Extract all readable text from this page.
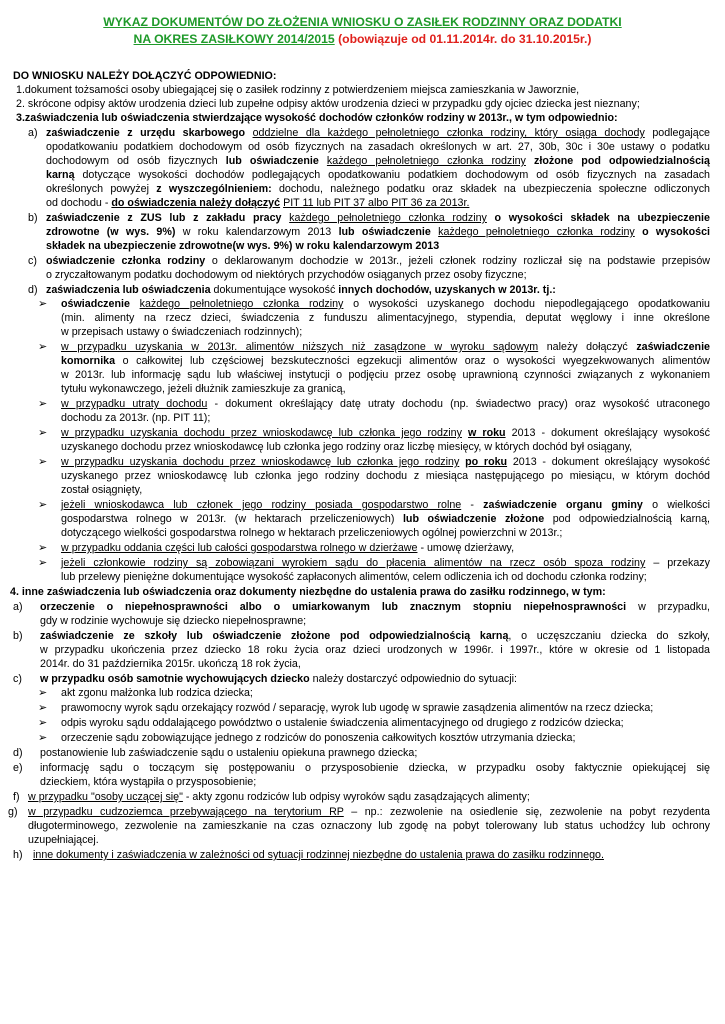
WYKAZ DOKUMENTÓW DO ZŁOŻENIA WNIOSKU O ZASIŁEK RODZINNY ORAZ DODATKI
NA OKRES ZASIŁKOWY 2014/2015 (obowiązuje od 01.11.2014r. do 31.10.2015r.)
DO WNIOSKU NALEŻY DOŁĄCZYĆ ODPOWIEDNIO:
1.dokument tożsamości osoby ubiegającej się o zasiłek rodzinny z potwierdzeniem miejsca zamieszkania w Jaworznie,
2. skrócone odpisy aktów urodzenia dzieci lub zupełne odpisy aktów urodzenia dzieci w przypadku gdy ojciec dziecka jest nieznany;
3.zaświadczenia lub oświadczenia stwierdzające wysokość dochodów członków rodziny w 2013r., w tym odpowiednio:
a) zaświadczenie z urzędu skarbowego oddzielne dla każdego pełnoletniego członka rodziny, który osiąga dochody podlegające
opodatkowaniu podatkiem dochodowym od osób fizycznych na zasadach określonych w art. 27, 30b, 30c i 30e ustawy o podatku
dochodowym od osób fizycznych lub oświadczenie każdego pełnoletniego członka rodziny złożone pod odpowiedzialnością
karną dotyczące wysokości dochodów podlegających opodatkowaniu podatkiem dochodowym od osób fizycznych na zasadach
określonych powyżej z wyszczególnieniem: dochodu, należnego podatku oraz składek na ubezpieczenia społeczne odliczonych
od dochodu - do oświadczenia należy dołączyć PIT 11 lub PIT 37 albo PIT 36 za 2013r.
b) zaświadczenie z ZUS lub z zakładu pracy każdego pełnoletniego członka rodziny o wysokości składek na ubezpieczenie
zdrowotne (w wys. 9%) w roku kalendarzowym 2013 lub oświadczenie każdego pełnoletniego członka rodziny o wysokości
składek na ubezpieczenie zdrowotne(w wys. 9%) w roku kalendarzowym 2013
c) oświadczenie członka rodziny o deklarowanym dochodzie w 2013r., jeżeli członek rodziny rozliczał się na podstawie przepisów
o zryczałtowanym podatku dochodowym od niektórych przychodów osiąganych przez osoby fizyczne;
d) zaświadczenia lub oświadczenia dokumentujące wysokość innych dochodów, uzyskanych w 2013r. tj.:
➢ oświadczenie każdego pełnoletniego członka rodziny o wysokości uzyskanego dochodu niepodlegającego opodatkowaniu
(min. alimenty na rzecz dzieci, świadczenia z funduszu alimentacyjnego, stypendia, deputat węglowy i inne określone
w przepisach ustawy o świadczeniach rodzinnych);
➢ w przypadku uzyskania w 2013r. alimentów niższych niż zasądzone w wyroku sądowym należy dołączyć zaświadczenie
komornika o całkowitej lub częściowej bezskuteczności egzekucji alimentów oraz o wysokości wyegzekwowanych alimentów
w 2013r. lub informację sądu lub właściwej instytucji o podjęciu przez osobę uprawnioną czynności związanych z wykonaniem
tytułu wykonawczego, jeżeli dłużnik zamieszkuje za granicą,
➢ w przypadku utraty dochodu - dokument określający datę utraty dochodu (np. świadectwo pracy) oraz wysokość utraconego
dochodu za 2013r. (np. PIT 11);
➢ w przypadku uzyskania dochodu przez wnioskodawcę lub członka jego rodziny w roku 2013 - dokument określający wysokość
uzyskanego dochodu przez wnioskodawcę lub członka jego rodziny oraz liczbę miesięcy, w których dochód był osiągany,
➢ w przypadku uzyskania dochodu przez wnioskodawcę lub członka jego rodziny po roku 2013 - dokument określający wysokość
uzyskanego przez wnioskodawcę lub członka jego rodziny dochodu z miesiąca następującego po miesiącu, w którym dochód
został osiągnięty,
➢ jeżeli wnioskodawca lub członek jego rodziny posiada gospodarstwo rolne - zaświadczenie organu gminy o wielkości
gospodarstwa rolnego w 2013r. (w hektarach przeliczeniowych) lub oświadczenie złożone pod odpowiedzialnością karną,
dotyczącego wielkości gospodarstwa rolnego w hektarach przeliczeniowych ogólnej powierzchni w 2013r.;
➢ w przypadku oddania części lub całości gospodarstwa rolnego w dzierżawe - umowę dzierżawy,
➢ jeżeli członkowie rodziny są zobowiązani wyrokiem sądu do płacenia alimentów na rzecz osób spoza rodziny – przekazy
lub przelewy pieniężne dokumentujące wysokość zapłaconych alimentów, celem odliczenia ich od dochodu członka rodziny;
4. inne zaświadczenia lub oświadczenia oraz dokumenty niezbędne do ustalenia prawa do zasiłku rodzinnego, w tym:
a) orzeczenie o niepełnosprawności albo o umiarkowanym lub znacznym stopniu niepełnosprawności w przypadku,
gdy w rodzinie wychowuje się dziecko niepełnosprawne;
b) zaświadczenie ze szkoły lub oświadczenie złożone pod odpowiedzialnością karną, o uczęszczaniu dziecka do szkoły,
w przypadku ukończenia przez dziecko 18 roku życia oraz dzieci urodzonych w 1996r. i 1997r., które w okresie od 1 listopada
2014r. do 31 października 2015r. ukończą 18 rok życia,
c) w przypadku osób samotnie wychowujących dziecko należy dostarczyć odpowiednio do sytuacji:
➢ akt zgonu małżonka lub rodzica dziecka;
➢ prawomocny wyrok sądu orzekający rozwód / separację, wyrok lub ugodę w sprawie zasądzenia alimentów na rzecz dziecka;
➢ odpis wyroku sądu oddalającego powództwo o ustalenie świadczenia alimentacyjnego od drugiego z rodziców dziecka;
➢ orzeczenie sądu zobowiązujące jednego z rodziców do ponoszenia całkowitych kosztów utrzymania dziecka;
d) postanowienie lub zaświadczenie sądu o ustaleniu opiekuna prawnego dziecka;
e) informację sądu o toczącym się postępowaniu o przysposobienie dziecka, w przypadku osoby faktycznie opiekującej się
dzieckiem, która wystąpiła o przysposobienie;
f) w przypadku "osoby uczącej się" - akty zgonu rodziców lub odpisy wyroków sądu zasądzających alimenty;
g) w przypadku cudzoziemca przebywającego na terytorium RP – np.: zezwolenie na osiedlenie się, zezwolenie na pobyt rezydenta
długoterminowego, zezwolenie na zamieszkanie na czas oznaczony lub zgodę na pobyt tolerowany lub status uchodźcy lub ochrony
uzupełniającej.
h) inne dokumenty i zaświadczenia w zależności od sytuacji rodzinnej niezbędne do ustalenia prawa do zasiłku rodzinnego.
